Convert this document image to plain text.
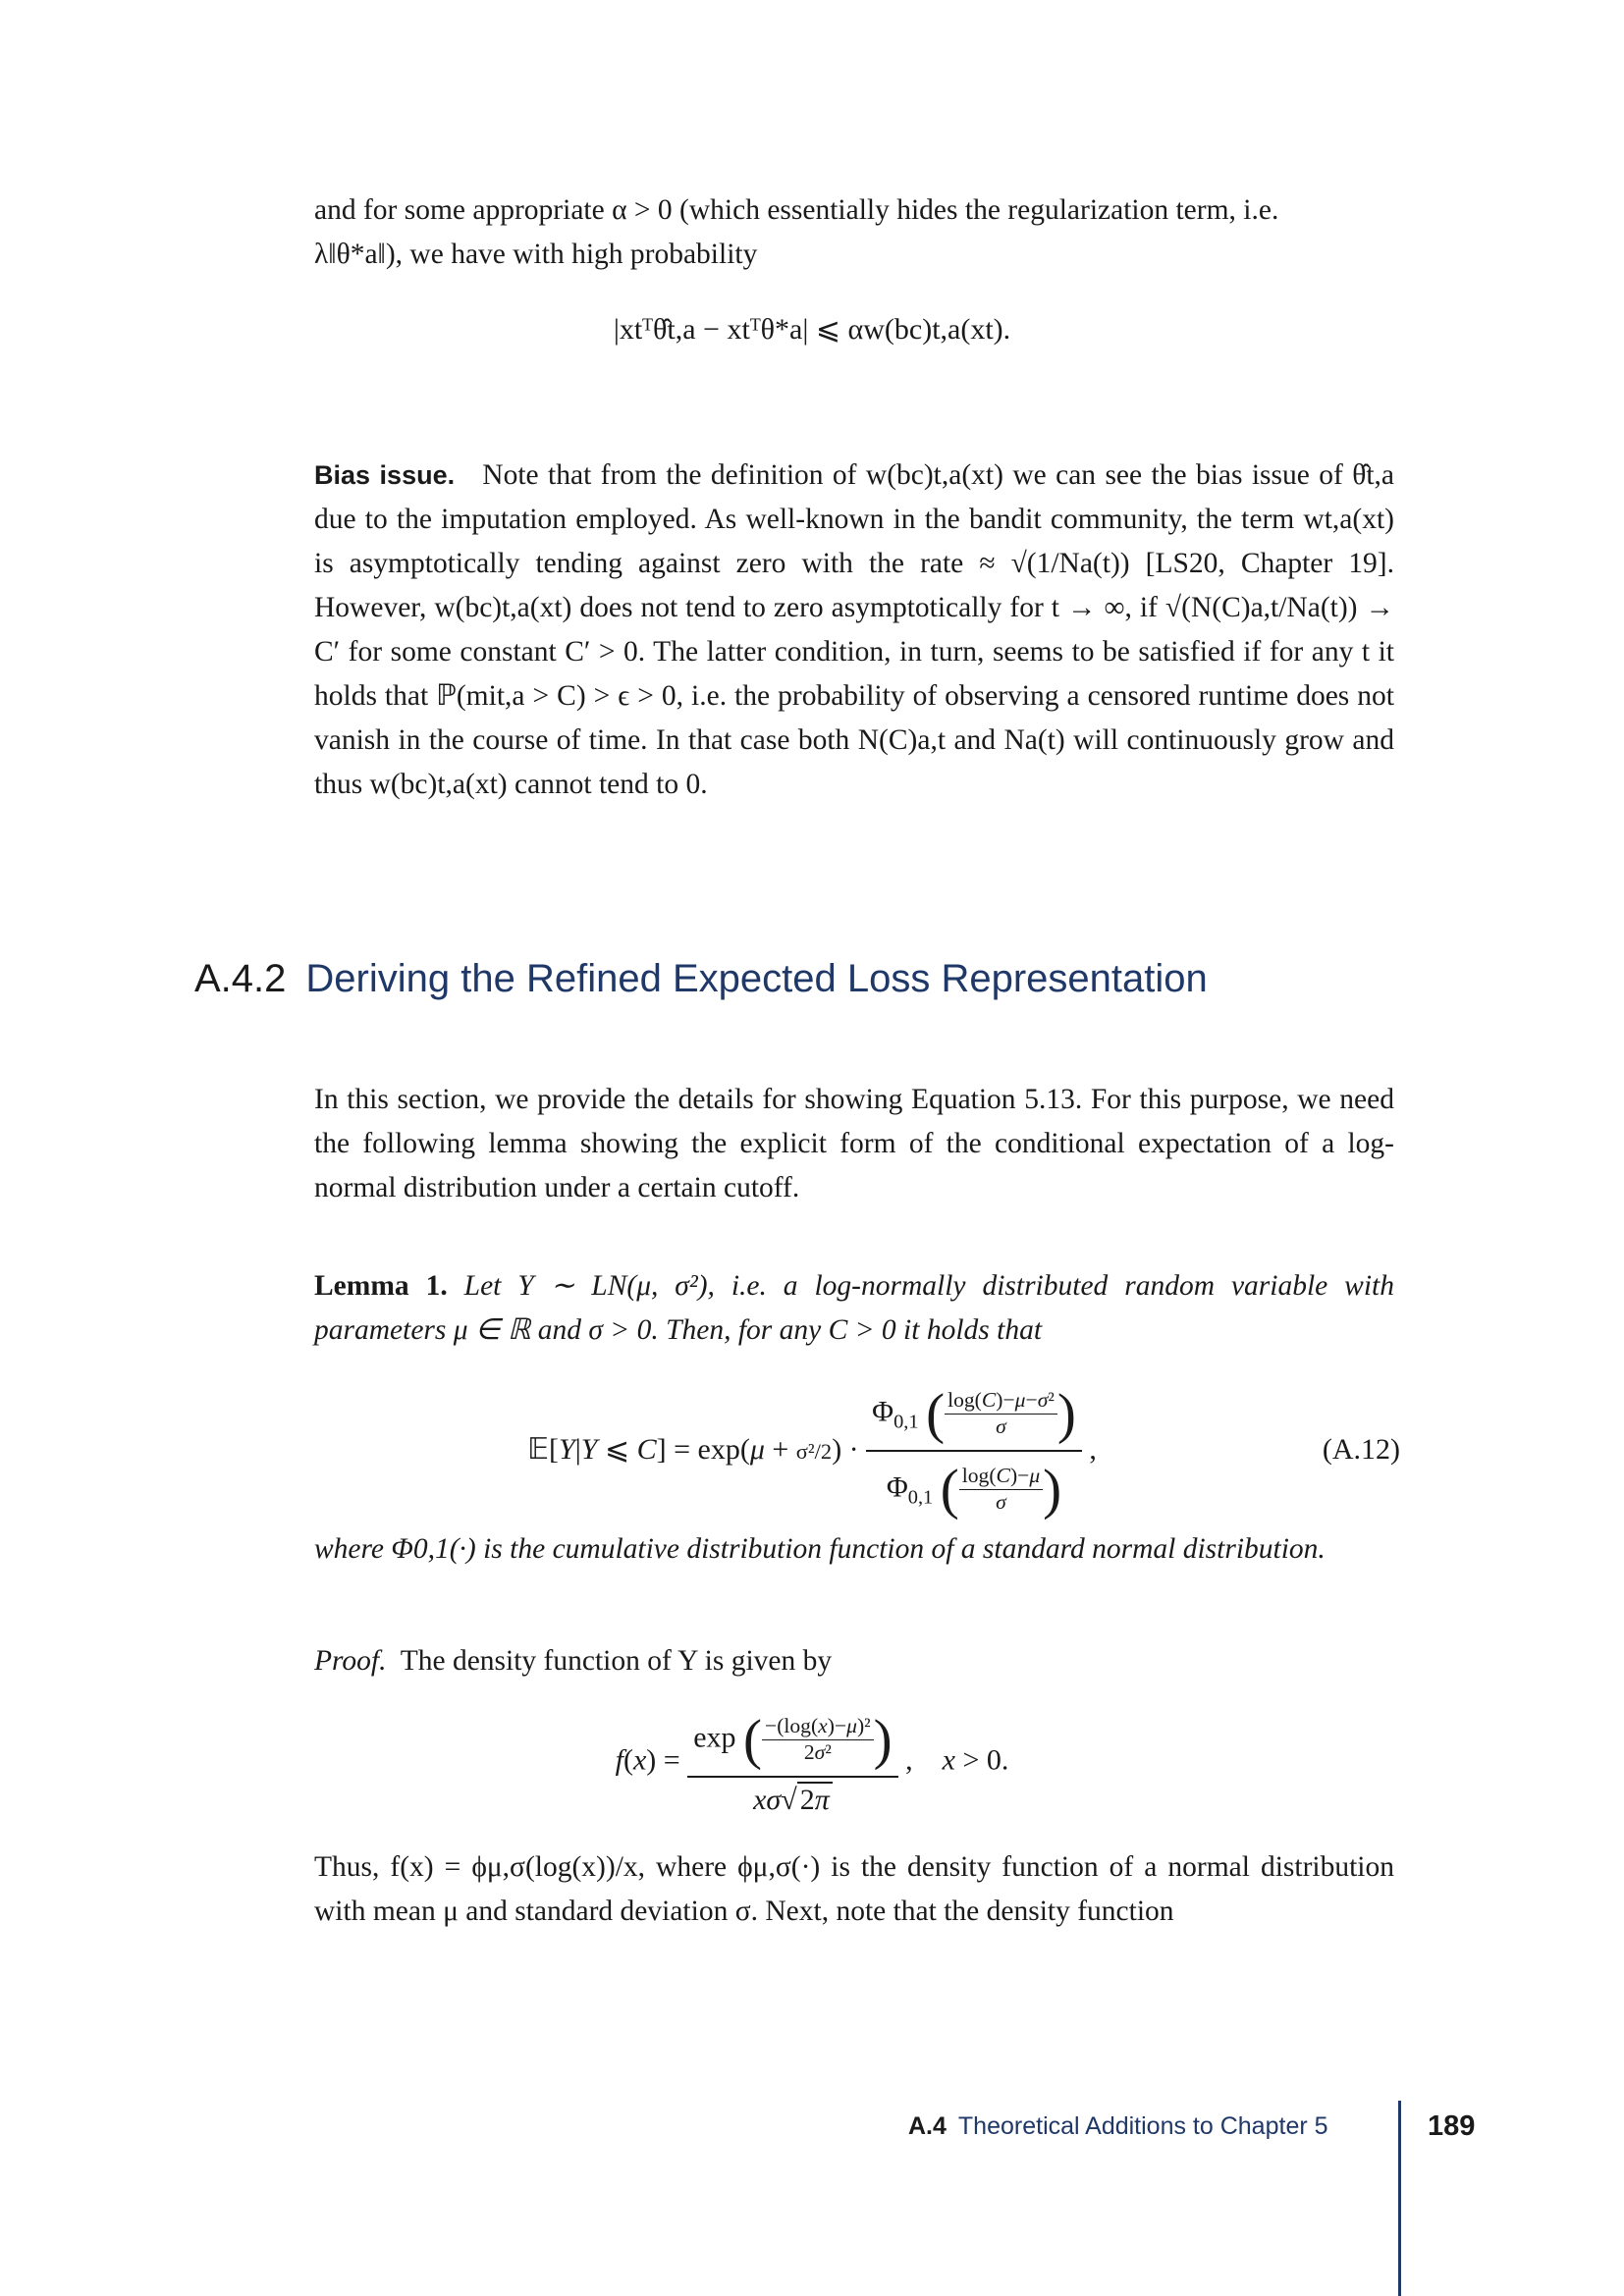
and for some appropriate α > 0 (which essentially hides the regularization term, i.e.
λ‖θ*a‖), we have with high probability

|xtᵀθ̂t,a − xtᵀθ*a| ⩽ αw(bc)t,a(xt).

Bias issue. Note that from the definition of w(bc)t,a(xt) we can see the bias issue of θ̂t,a due to the imputation employed. As well-known in the bandit community, the term wt,a(xt) is asymptotically tending against zero with the rate ≈ √(1/Na(t)) [LS20, Chapter 19]. However, w(bc)t,a(xt) does not tend to zero asymptotically for t → ∞, if √(N(C)a,t/Na(t)) → C′ for some constant C′ > 0. The latter condition, in turn, seems to be satisfied if for any t it holds that ℙ(mit,a > C) > ϵ > 0, i.e. the probability of observing a censored runtime does not vanish in the course of time. In that case both N(C)a,t and Na(t) will continuously grow and thus w(bc)t,a(xt) cannot tend to 0.

A.4.2 Deriving the Refined Expected Loss Representation

In this section, we provide the details for showing Equation 5.13. For this purpose, we need the following lemma showing the explicit form of the conditional expectation of a log-normal distribution under a certain cutoff.

Lemma 1. Let Y ∼ LN(μ, σ²), i.e. a log-normally distributed random variable with parameters μ ∈ ℝ and σ > 0. Then, for any C > 0 it holds that

𝔼[Y|Y ⩽ $C] = \exp(\mu + \sigma^2/2) \cdot \frac{\Phi_{0,1} ( \frac{\text{log(C)−μ−σ²}}{\sigma} )}{\Phi_{0,1} ( \frac{\log(C)-\mu}{\sigma} )}$ ,	(A.12)

where Φ0,1(·) is the cumulative distribution function of a standard normal distribution.

Proof. The density function of Y is given by

$f(x) = \frac{\exp ( \frac{\text{−(log(x)−μ)²}}{\text{2σ²}} )}{x\sigma√ 2\pi}$ ,    x > 0.

Thus, f(x) = ϕμ,σ(log(x))/x, where ϕμ,σ(·) is the density function of a normal distribution with mean μ and standard deviation σ. Next, note that the density function

A.4 Theoretical Additions to Chapter 5	189
